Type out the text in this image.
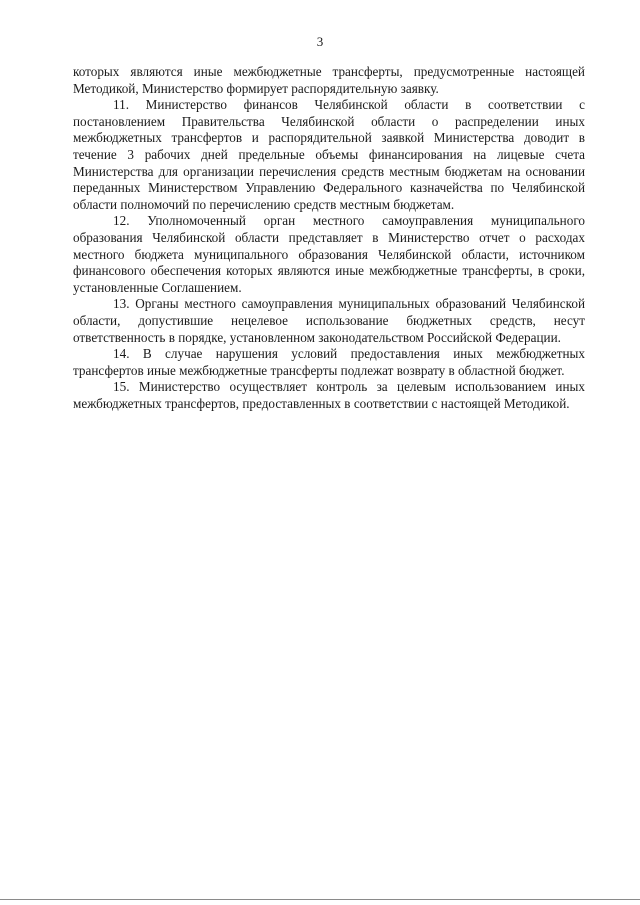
3

которых являются иные межбюджетные трансферты, предусмотренные настоящей Методикой, Министерство формирует распорядительную заявку.

11. Министерство финансов Челябинской области в соответствии с постановлением Правительства Челябинской области о распределении иных межбюджетных трансфертов и распорядительной заявкой Министерства доводит в течение 3 рабочих дней предельные объемы финансирования на лицевые счета Министерства для организации перечисления средств местным бюджетам на основании переданных Министерством Управлению Федерального казначейства по Челябинской области полномочий по перечислению средств местным бюджетам.

12. Уполномоченный орган местного самоуправления муниципального образования Челябинской области представляет в Министерство отчет о расходах местного бюджета муниципального образования Челябинской области, источником финансового обеспечения которых являются иные межбюджетные трансферты, в сроки, установленные Соглашением.

13. Органы местного самоуправления муниципальных образований Челябинской области, допустившие нецелевое использование бюджетных средств, несут ответственность в порядке, установленном законодательством Российской Федерации.

14. В случае нарушения условий предоставления иных межбюджетных трансфертов иные межбюджетные трансферты подлежат возврату в областной бюджет.

15. Министерство осуществляет контроль за целевым использованием иных межбюджетных трансфертов, предоставленных в соответствии с настоящей Методикой.
